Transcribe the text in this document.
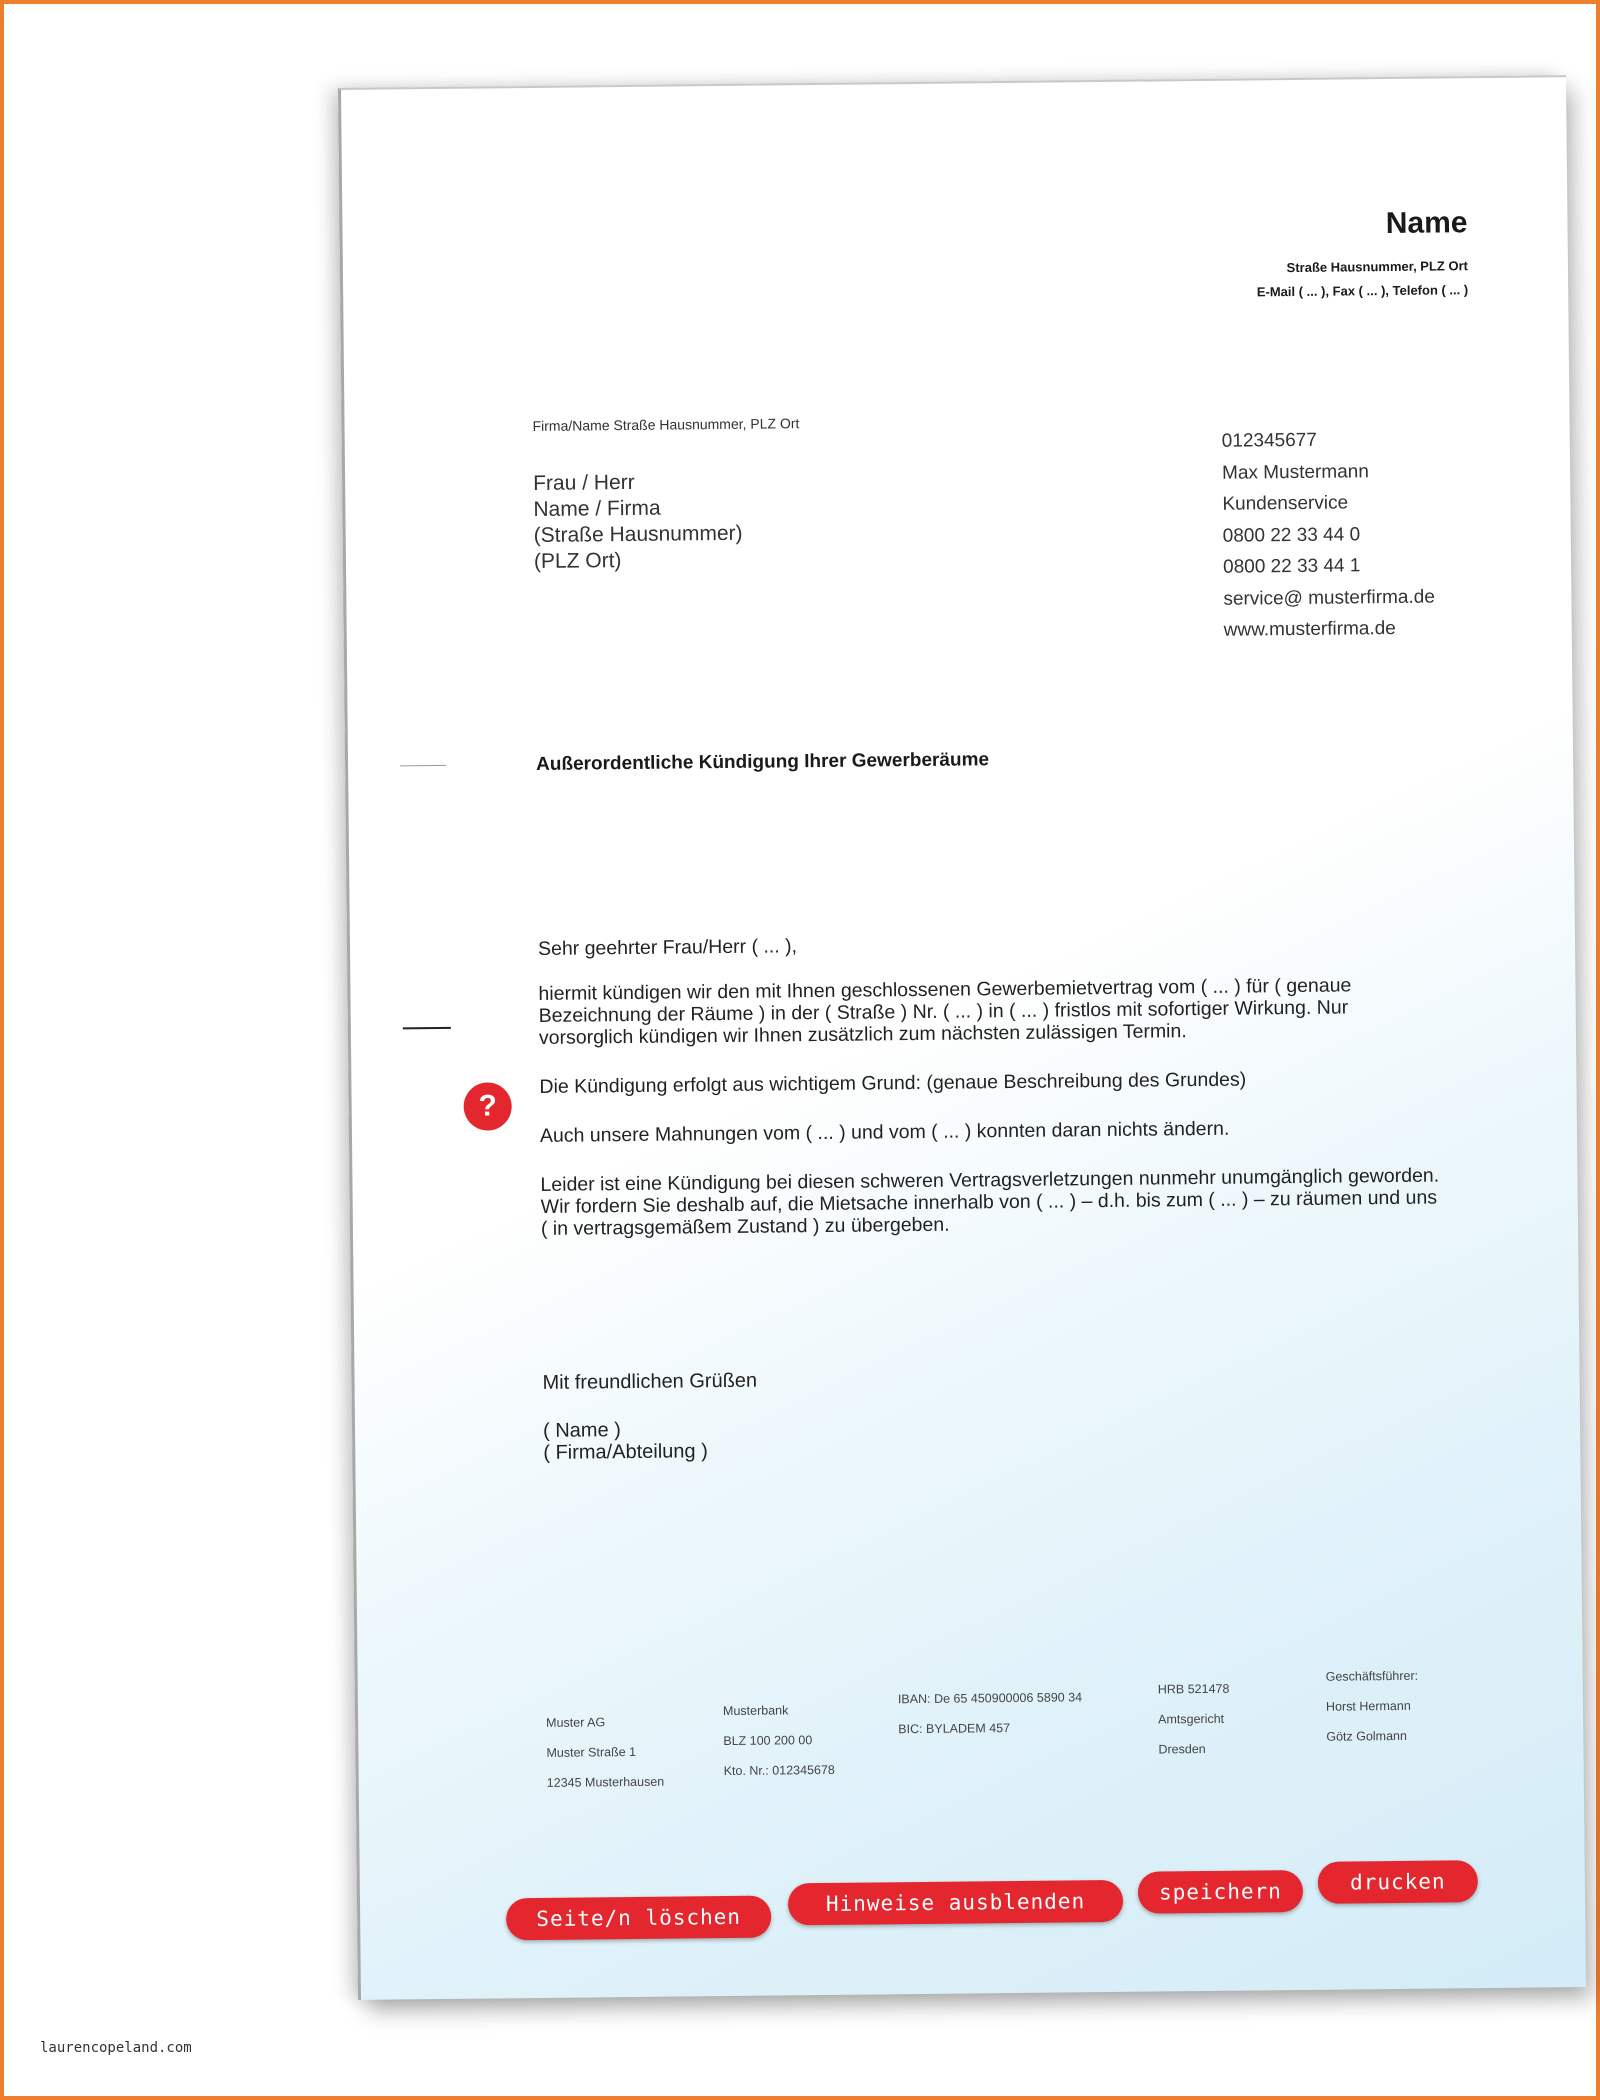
Name
Straße Hausnummer, PLZ Ort
E-Mail ( ... ), Fax ( ... ), Telefon ( ... )
Firma/Name Straße Hausnummer, PLZ Ort
Frau / Herr
Name / Firma
(Straße Hausnummer)
(PLZ Ort)
012345677
Max Mustermann
Kundenservice
0800 22 33 44 0
0800 22 33 44 1
service@ musterfirma.de
www.musterfirma.de
Außerordentliche Kündigung Ihrer Gewerberäume
Sehr geehrter Frau/Herr ( ... ),
hiermit kündigen wir den mit Ihnen geschlossenen Gewerbemietvertrag vom ( ... ) für ( genaue Bezeichnung der Räume ) in der ( Straße ) Nr. ( ... ) in ( ... ) fristlos mit sofortiger Wirkung. Nur vorsorglich kündigen wir Ihnen zusätzlich zum nächsten zulässigen Termin.
Die Kündigung erfolgt aus wichtigem Grund: (genaue Beschreibung des Grundes)
Auch unsere Mahnungen vom ( ... ) und vom ( ... ) konnten daran nichts ändern.
Leider ist eine Kündigung bei diesen schweren Vertragsverletzungen nunmehr unumgänglich geworden. Wir fordern Sie deshalb auf, die Mietsache innerhalb von ( ... ) – d.h. bis zum ( ... ) – zu räumen und uns ( in vertragsgemäßem Zustand ) zu übergeben.
?
Mit freundlichen Grüßen
( Name )
( Firma/Abteilung )
Muster AG
Muster Straße 1
12345 Musterhausen
Musterbank
BLZ 100 200 00
Kto. Nr.: 012345678
IBAN: De 65 450900006 5890 34
BIC: BYLADEM 457
HRB 521478
Amtsgericht
Dresden
Geschäftsführer:
Horst Hermann
Götz Golmann
Seite/n löschen
Hinweise ausblenden	speichern	drucken
laurencopeland.com
